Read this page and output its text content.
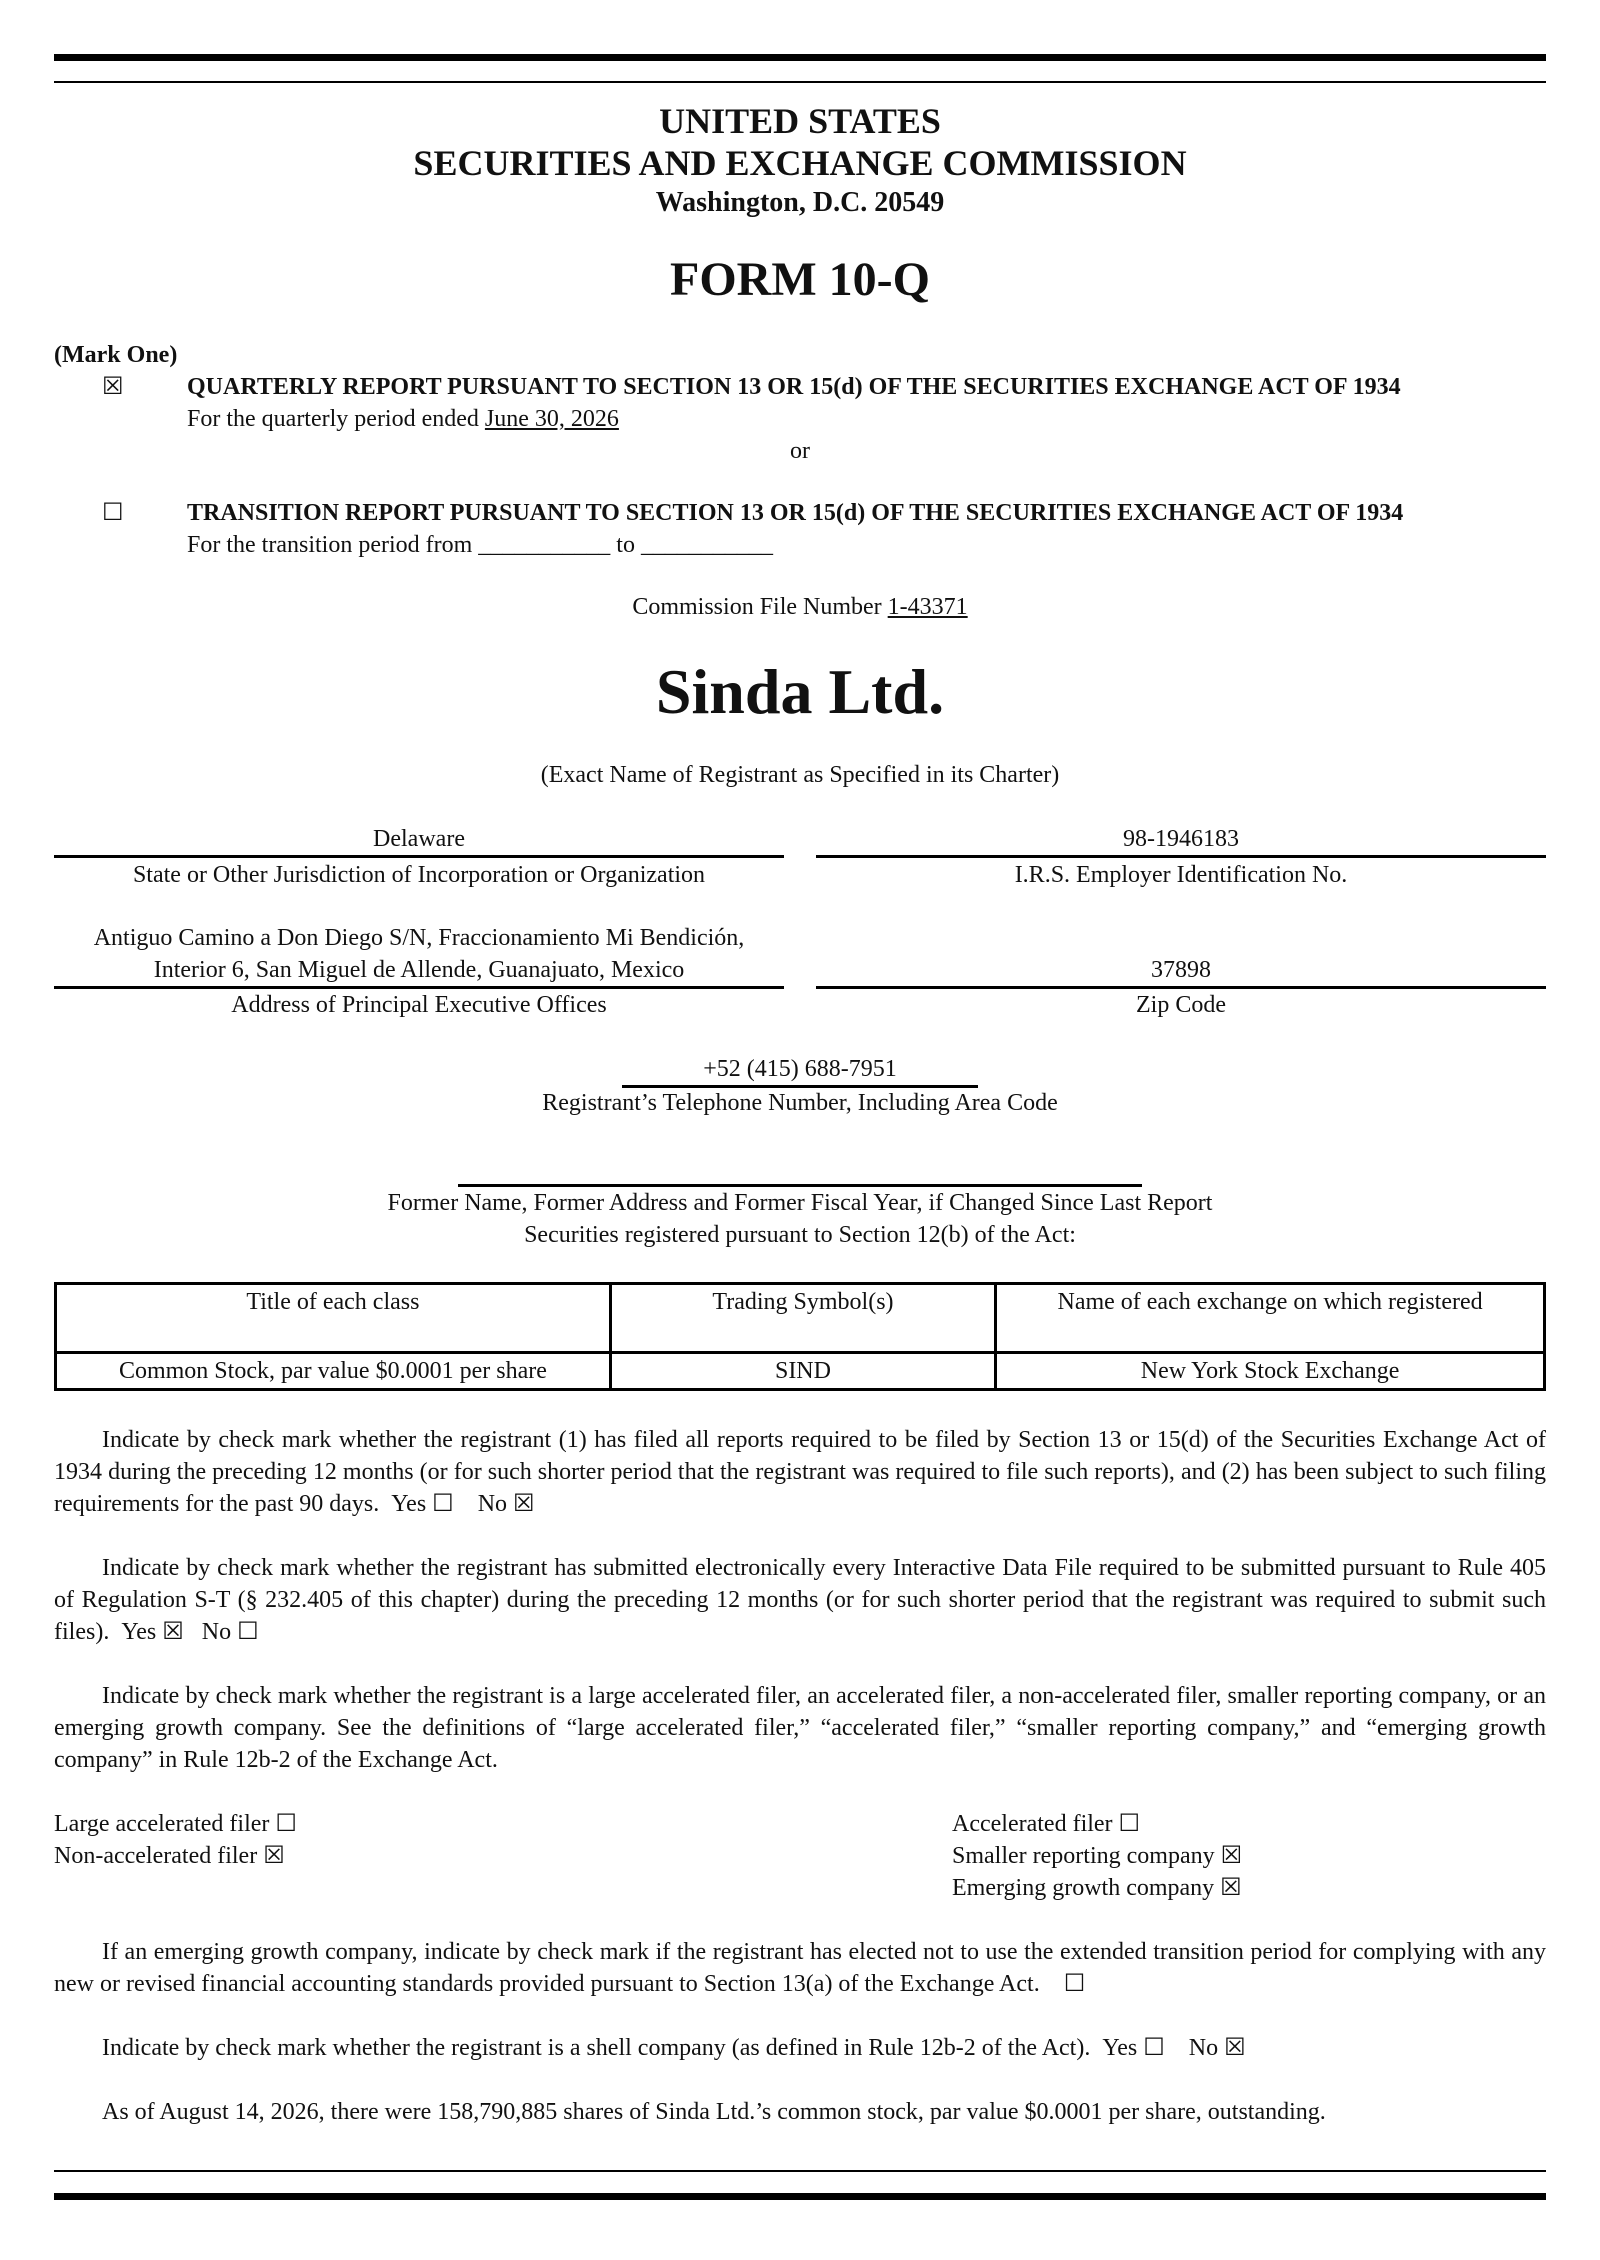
UNITED STATES
SECURITIES AND EXCHANGE COMMISSION
Washington, D.C. 20549
FORM 10-Q
(Mark One)
☒	QUARTERLY REPORT PURSUANT TO SECTION 13 OR 15(d) OF THE SECURITIES EXCHANGE ACT OF 1934
For the quarterly period ended June 30, 2026
or
☐	TRANSITION REPORT PURSUANT TO SECTION 13 OR 15(d) OF THE SECURITIES EXCHANGE ACT OF 1934
For the transition period from ___________ to ___________
Commission File Number 1-43371
Sinda Ltd.
(Exact Name of Registrant as Specified in its Charter)
Delaware
State or Other Jurisdiction of Incorporation or Organization
98-1946183
I.R.S. Employer Identification No.
Antiguo Camino a Don Diego S/N, Fraccionamiento Mi Bendición,
Interior 6, San Miguel de Allende, Guanajuato, Mexico
Address of Principal Executive Offices
37898
Zip Code
+52 (415) 688-7951
Registrant’s Telephone Number, Including Area Code
Former Name, Former Address and Former Fiscal Year, if Changed Since Last Report
Securities registered pursuant to Section 12(b) of the Act:
Title of each class	Trading Symbol(s)	Name of each exchange on which registered
Common Stock, par value $0.0001 per share	SIND	New York Stock Exchange
Indicate by check mark whether the registrant (1) has filed all reports required to be filed by Section 13 or 15(d) of the Securities Exchange Act of 1934 during the preceding 12 months (or for such shorter period that the registrant was required to file such reports), and (2) has been subject to such filing requirements for the past 90 days. Yes ☐ No ☒
Indicate by check mark whether the registrant has submitted electronically every Interactive Data File required to be submitted pursuant to Rule 405 of Regulation S-T (§ 232.405 of this chapter) during the preceding 12 months (or for such shorter period that the registrant was required to submit such files). Yes ☒ No ☐
Indicate by check mark whether the registrant is a large accelerated filer, an accelerated filer, a non-accelerated filer, smaller reporting company, or an emerging growth company. See the definitions of “large accelerated filer,” “accelerated filer,” “smaller reporting company,” and “emerging growth company” in Rule 12b-2 of the Exchange Act.
Large accelerated filer ☐
Non-accelerated filer ☒
Accelerated filer ☐
Smaller reporting company ☒
Emerging growth company ☒
If an emerging growth company, indicate by check mark if the registrant has elected not to use the extended transition period for complying with any new or revised financial accounting standards provided pursuant to Section 13(a) of the Exchange Act. ☐
Indicate by check mark whether the registrant is a shell company (as defined in Rule 12b-2 of the Act). Yes ☐ No ☒
As of August 14, 2026, there were 158,790,885 shares of Sinda Ltd.’s common stock, par value $0.0001 per share, outstanding.
